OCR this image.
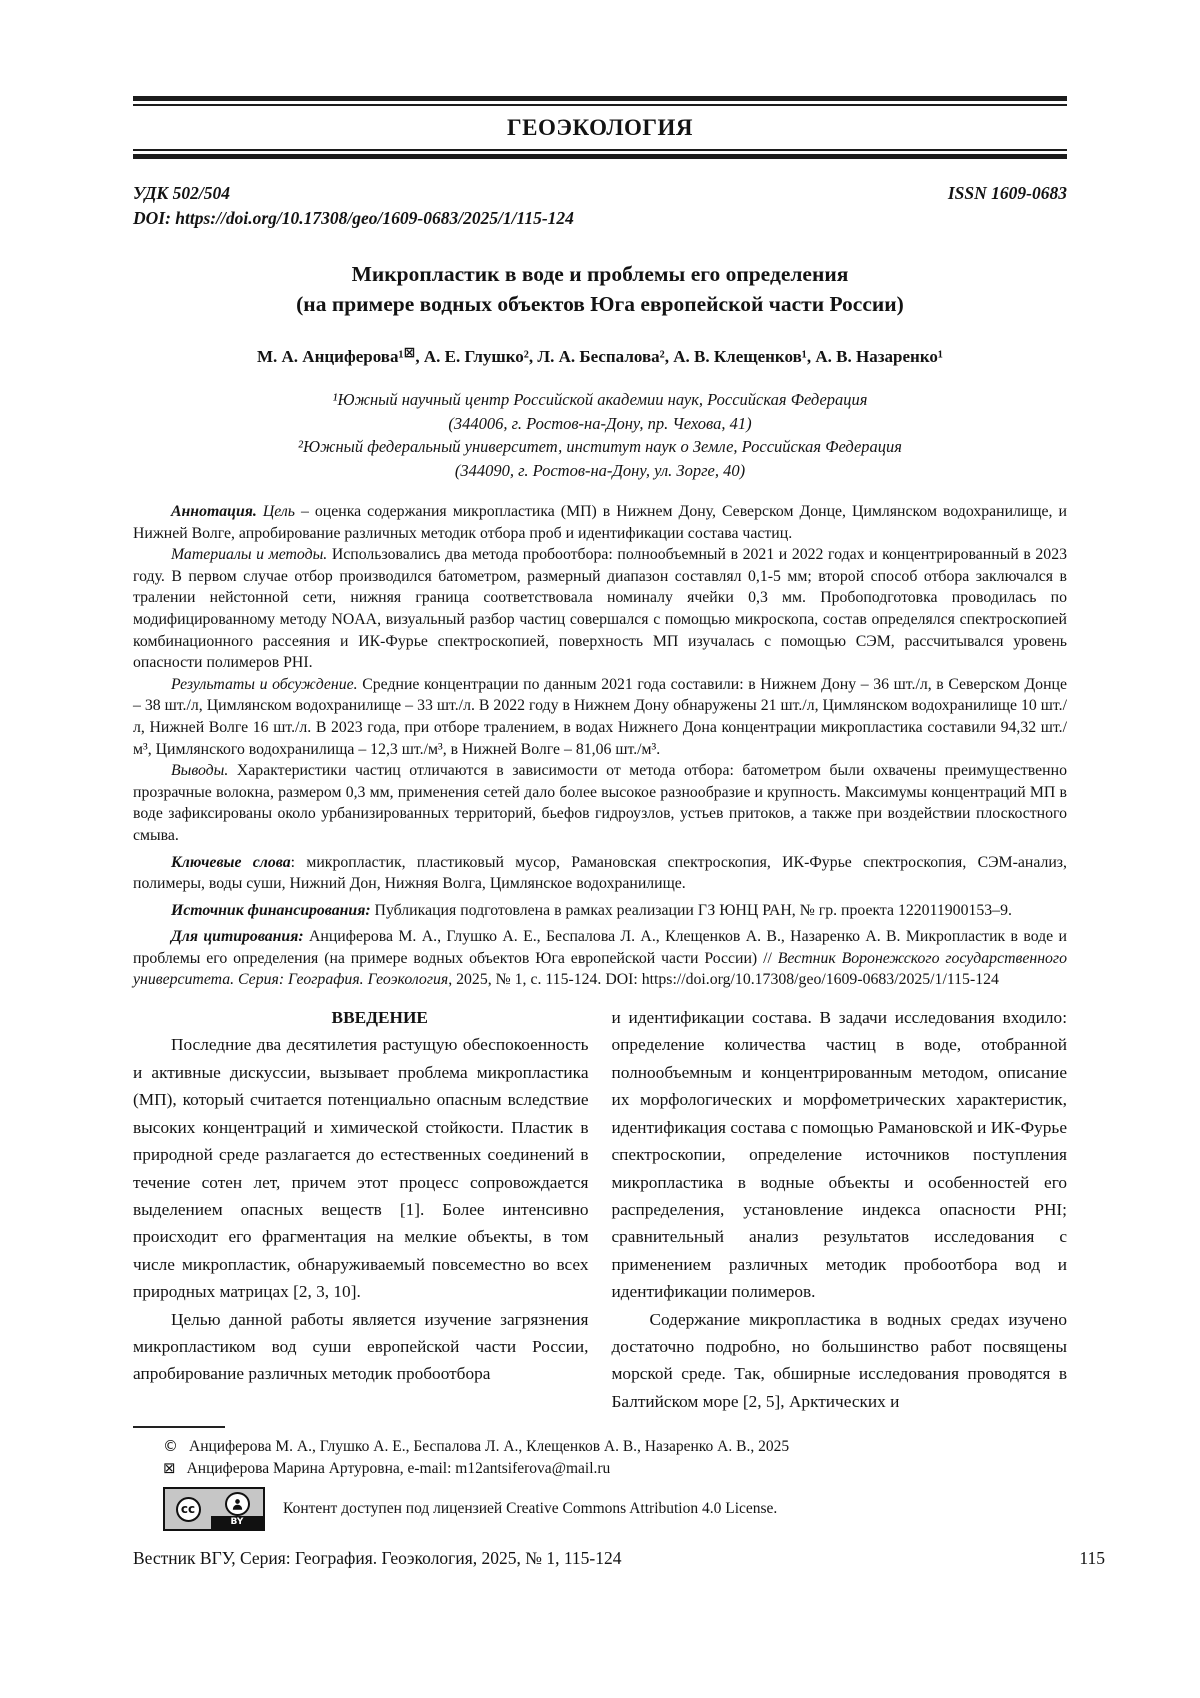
ГЕОЭКОЛОГИЯ
УДК 502/504	ISSN 1609-0683
DOI: https://doi.org/10.17308/geo/1609-0683/2025/1/115-124
Микропластик в воде и проблемы его определения
(на примере водных объектов Юга европейской части России)
М. А. Анциферова¹⊠, А. Е. Глушко², Л. А. Беспалова², А. В. Клещенков¹, А. В. Назаренко¹
¹Южный научный центр Российской академии наук, Российская Федерация
(344006, г. Ростов-на-Дону, пр. Чехова, 41)
²Южный федеральный университет, институт наук о Земле, Российская Федерация
(344090, г. Ростов-на-Дону, ул. Зорге, 40)

Аннотация. Цель – оценка содержания микропластика (МП) в Нижнем Дону, Северском Донце, Цимлянском водохранилище, и Нижней Волге, апробирование различных методик отбора проб и идентификации состава частиц.

Материалы и методы. Использовались два метода пробоотбора: полнообъемный в 2021 и 2022 годах и концентрированный в 2023 году. В первом случае отбор производился батометром, размерный диапазон составлял 0,1-5 мм; второй способ отбора заключался в тралении нейстонной сети, нижняя граница соответствовала номиналу ячейки 0,3 мм. Пробоподготовка проводилась по модифицированному методу NOAA, визуальный разбор частиц совершался с помощью микроскопа, состав определялся спектроскопией комбинационного рассеяния и ИК-Фурье спектроскопией, поверхность МП изучалась с помощью СЭМ, рассчитывался уровень опасности полимеров PHI.

Результаты и обсуждение. Средние концентрации по данным 2021 года составили: в Нижнем Дону – 36 шт./л, в Северском Донце – 38 шт./л, Цимлянском водохранилище – 33 шт./л. В 2022 году в Нижнем Дону обнаружены 21 шт./л, Цимлянском водохранилище 10 шт./л, Нижней Волге 16 шт./л. В 2023 года, при отборе тралением, в водах Нижнего Дона концентрации микропластика составили 94,32 шт./м³, Цимлянского водохранилища – 12,3 шт./м³, в Нижней Волге – 81,06 шт./м³.

Выводы. Характеристики частиц отличаются в зависимости от метода отбора: батометром были охвачены преимущественно прозрачные волокна, размером 0,3 мм, применения сетей дало более высокое разнообразие и крупность. Максимумы концентраций МП в воде зафиксированы около урбанизированных территорий, бьефов гидроузлов, устьев притоков, а также при воздействии плоскостного смыва.

Ключевые слова: микропластик, пластиковый мусор, Рамановская спектроскопия, ИК-Фурье спектроскопия, СЭМ-анализ, полимеры, воды суши, Нижний Дон, Нижняя Волга, Цимлянское водохранилище.

Источник финансирования: Публикация подготовлена в рамках реализации ГЗ ЮНЦ РАН, № гр. проекта 122011900153–9.

Для цитирования: Анциферова М. А., Глушко А. Е., Беспалова Л. А., Клещенков А. В., Назаренко А. В. Микропластик в воде и проблемы его определения (на примере водных объектов Юга европейской части России) // Вестник Воронежского государственного университета. Серия: География. Геоэкология, 2025, № 1, с. 115-124. DOI: https://doi.org/10.17308/geo/1609-0683/2025/1/115-124

ВВЕДЕНИЕ

Последние два десятилетия растущую обеспокоенность и активные дискуссии, вызывает проблема микропластика (МП), который считается потенциально опасным вследствие высоких концентраций и химической стойкости. Пластик в природной среде разлагается до естественных соединений в течение сотен лет, причем этот процесс сопровождается выделением опасных веществ [1]. Более интенсивно происходит его фрагментация на мелкие объекты, в том числе микропластик, обнаруживаемый повсеместно во всех природных матрицах [2, 3, 10].

Целью данной работы является изучение загрязнения микропластиком вод суши европейской части России, апробирование различных методик пробоотбора

и идентификации состава. В задачи исследования входило: определение количества частиц в воде, отобранной полнообъемным и концентрированным методом, описание их морфологических и морфометрических характеристик, идентификация состава с помощью Рамановской и ИК-Фурье спектроскопии, определение источников поступления микропластика в водные объекты и особенностей его распределения, установление индекса опасности PHI; сравнительный анализ результатов исследования с применением различных методик пробоотбора вод и идентификации полимеров.

Содержание микропластика в водных средах изучено достаточно подробно, но большинство работ посвящены морской среде. Так, обширные исследования проводятся в Балтийском море [2, 5], Арктических и

© Анциферова М. А., Глушко А. Е., Беспалова Л. А., Клещенков А. В., Назаренко А. В., 2025
⊠ Анциферова Марина Артуровна, e-mail: m12antsiferova@mail.ru
cc
BY
Контент доступен под лицензией Creative Commons Attribution 4.0 License.
Вестник ВГУ, Серия: География. Геоэкология, 2025, № 1, 115-124	115
